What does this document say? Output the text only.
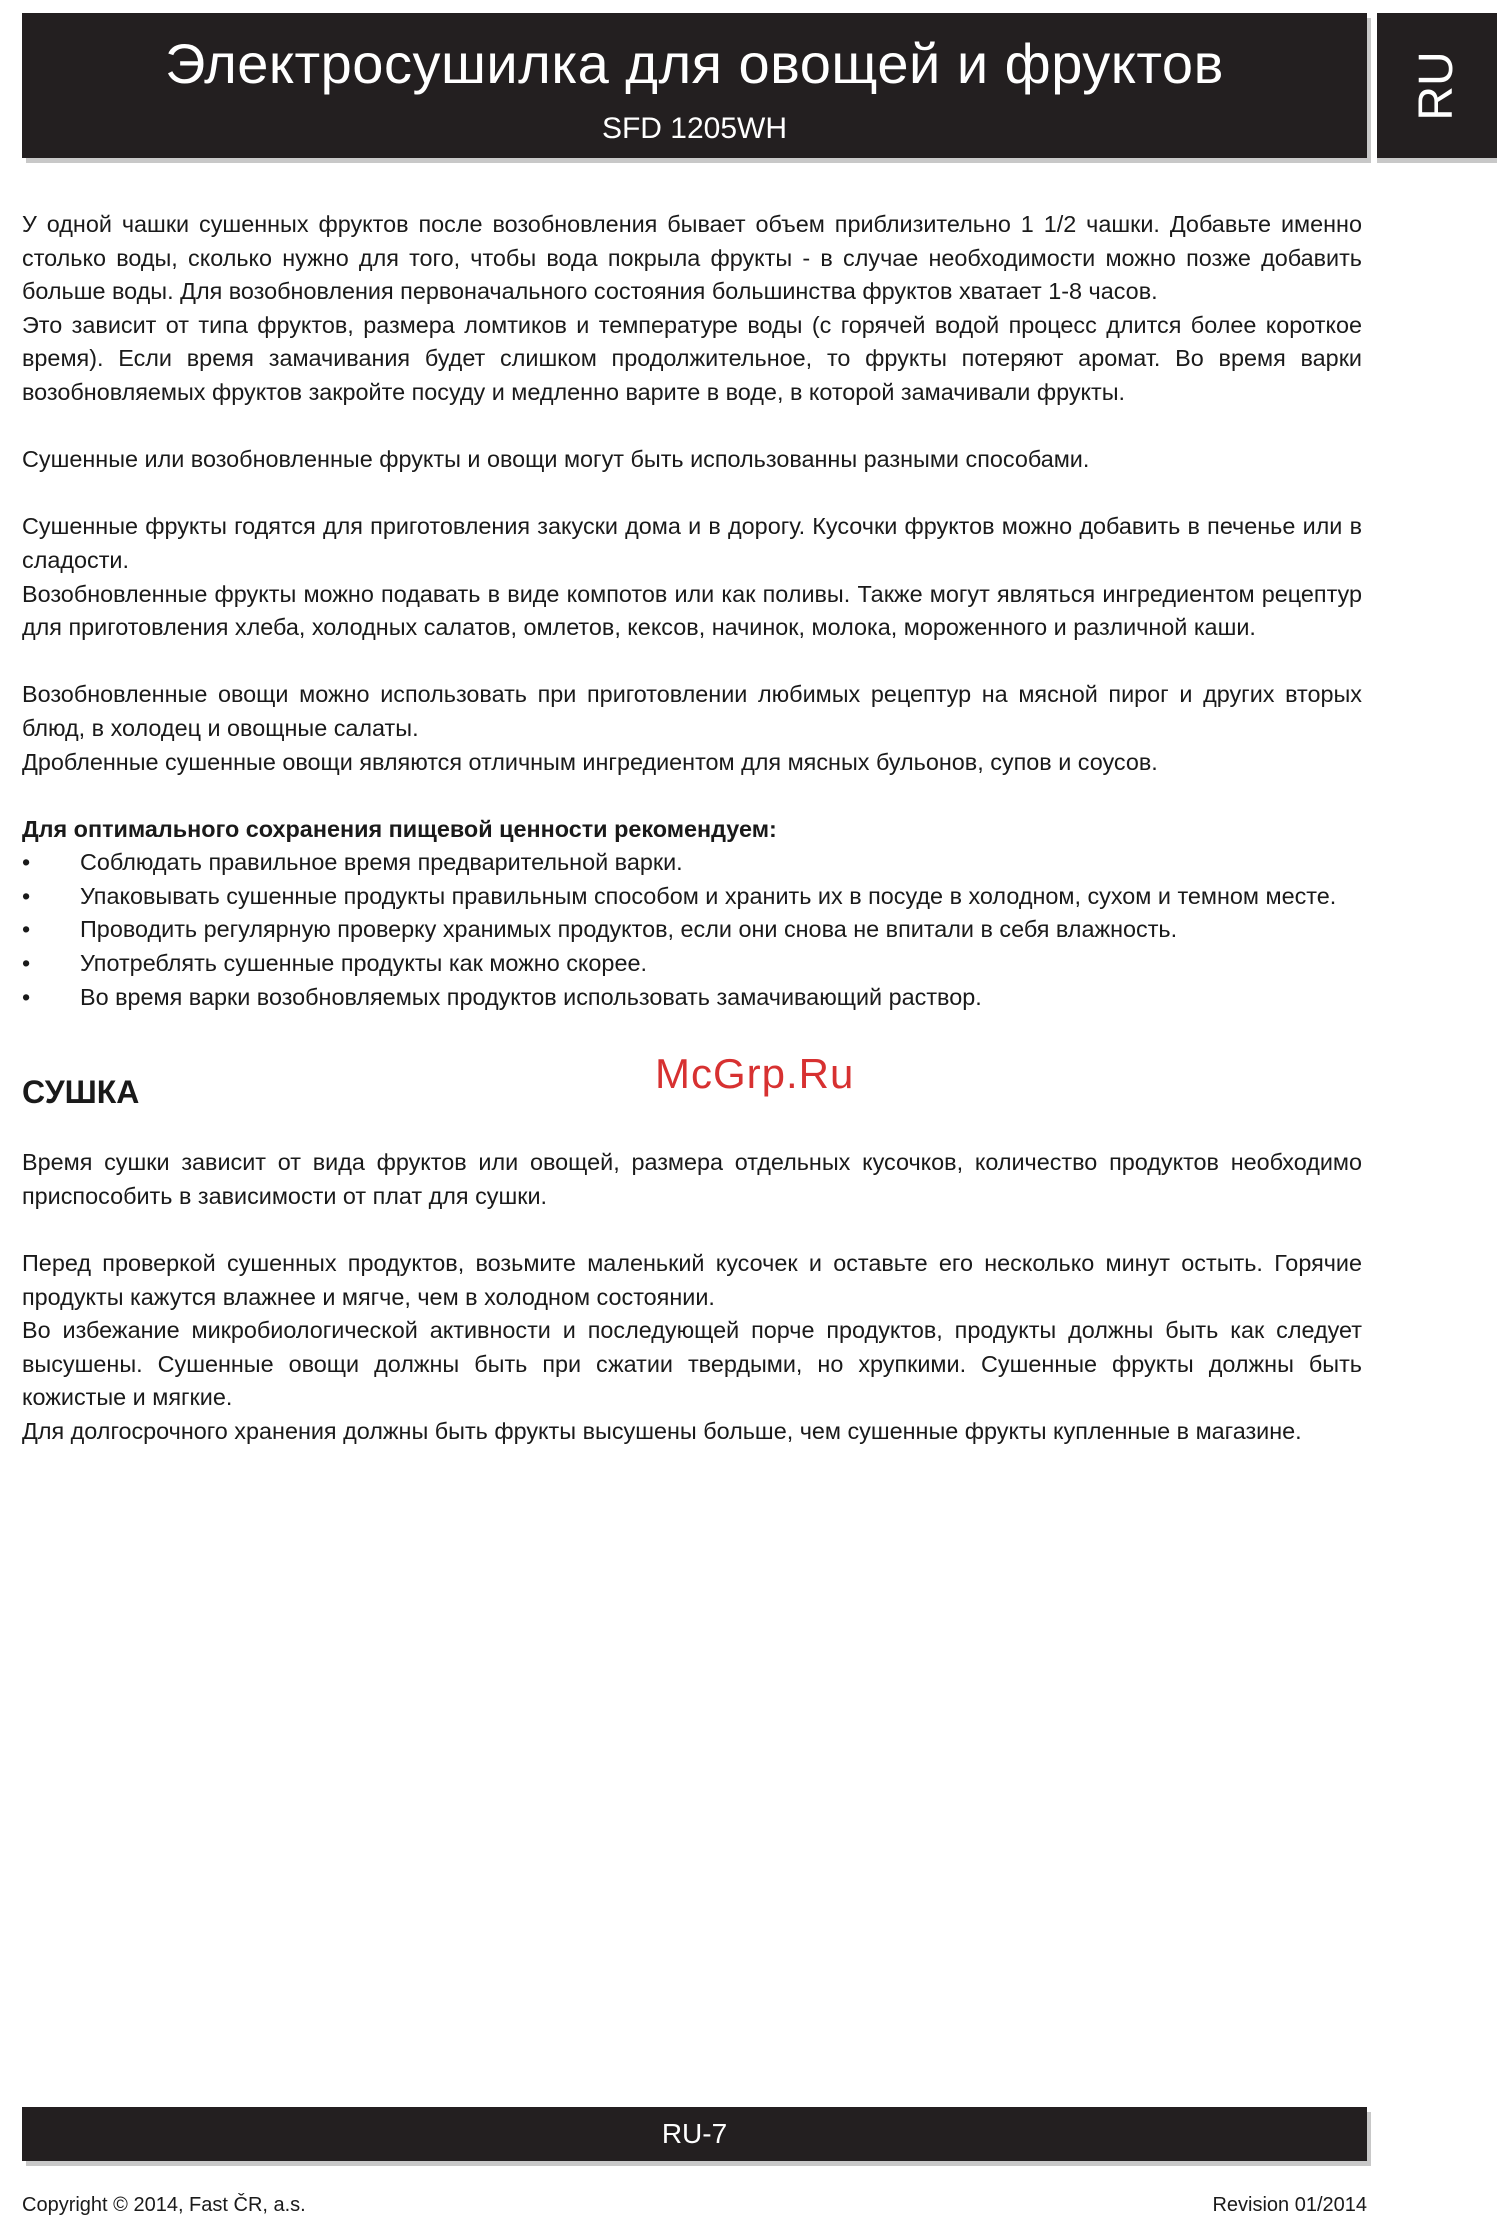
Электросушилка для овощей и фруктов
SFD 1205WH
RU

У одной чашки сушенных фруктов после возобновления бывает объем приблизительно 1 1/2 чашки. Добавьте именно столько воды, сколько нужно для того, чтобы вода покрыла фрукты - в случае необходимости можно позже добавить больше воды. Для возобновления первоначального состояния большинства фруктов хватает 1-8 часов.

Это зависит от типа фруктов, размера ломтиков и температуре воды (с горячей водой процесс длится более короткое время). Если время замачивания будет слишком продолжительное, то фрукты потеряют аромат. Во время варки возобновляемых фруктов закройте посуду и медленно варите в воде, в которой замачивали фрукты.

Сушенные или возобновленные фрукты и овощи могут быть использованны разными способами.

Сушенные фрукты годятся для приготовления закуски дома и в дорогу. Кусочки фруктов можно добавить в печенье или в сладости.

Возобновленные фрукты можно подавать в виде компотов или как поливы. Также могут являться ингредиентом рецептур для приготовления хлеба, холодных салатов, омлетов, кексов, начинок, молока, мороженного и различной каши.

Возобновленные овощи можно использовать при приготовлении любимых рецептур на мясной пирог и других вторых блюд, в холодец и овощные салаты.

Дробленные сушенные овощи являются отличным ингредиентом для мясных бульонов, супов и соусов.

Для оптимального сохранения пищевой ценности рекомендуем:

• Соблюдать правильное время предварительной варки.
• Упаковывать сушенные продукты правильным способом и хранить их в посуде в холодном, сухом и темном месте.
• Проводить регулярную проверку хранимых продуктов, если они снова не впитали в себя влажность.
• Употреблять сушенные продукты как можно скорее.
• Во время варки возобновляемых продуктов использовать замачивающий раствор.
СУШКА

Время сушки зависит от вида фруктов или овощей, размера отдельных кусочков, количество продуктов необходимо приспособить в зависимости от плат для сушки.

Перед проверкой сушенных продуктов, возьмите маленький кусочек и оставьте его несколько минут остыть. Горячие продукты кажутся влажнее и мягче, чем в холодном состоянии.

Во избежание микробиологической активности и последующей порче продуктов, продукты должны быть как следует высушены. Сушенные овощи должны быть при сжатии твердыми, но хрупкими. Сушенные фрукты должны быть кожистые и мягкие.

Для долгосрочного хранения должны быть фрукты высушены больше, чем сушенные фрукты купленные в магазине.

McGrp.Ru
RU-7
Copyright © 2014, Fast ČR, a.s.	Revision 01/2014
